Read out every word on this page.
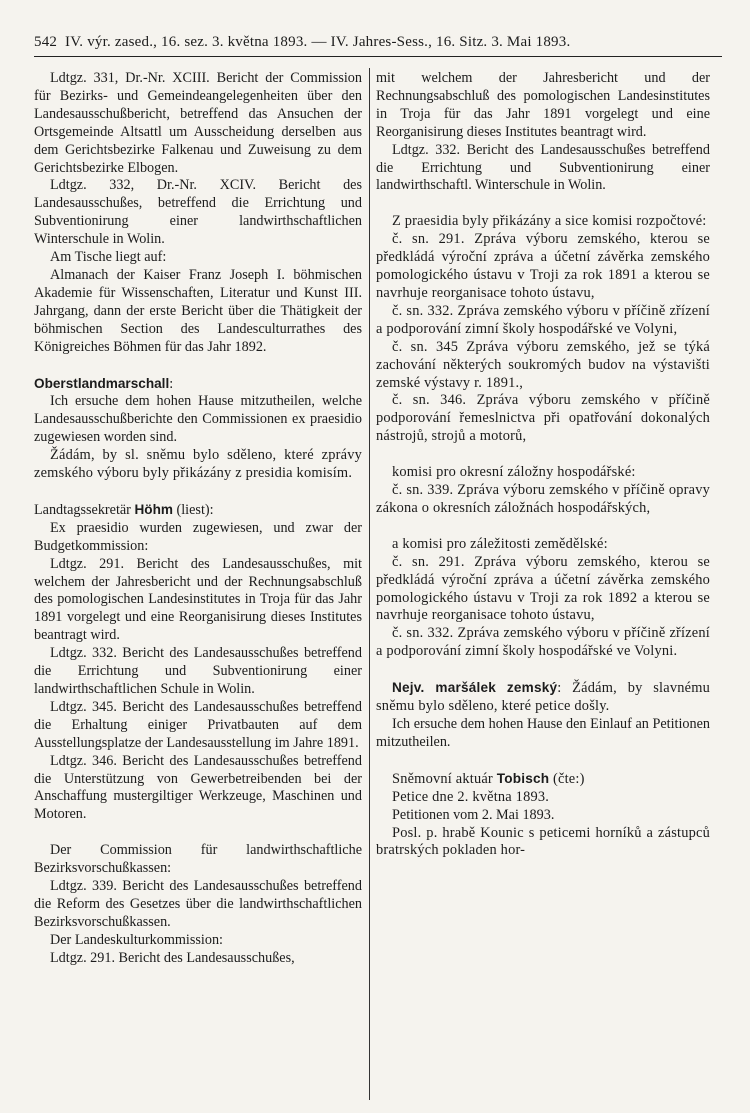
542 IV. výr. zased., 16. sez. 3. května 1893. — IV. Jahres-Sess., 16. Sitz. 3. Mai 1893.

Ldtgz. 331, Dr.-Nr. XCIII. Bericht der Commission für Bezirks- und Gemeindeangelegenheiten über den Landesausschußbericht, betreffend das Ansuchen der Ortsgemeinde Altsattl um Ausscheidung derselben aus dem Gerichtsbezirke Falkenau und Zuweisung zu dem Gerichtsbezirke Elbogen.

Ldtgz. 332, Dr.-Nr. XCIV. Bericht des Landesausschußes, betreffend die Errichtung und Subventionirung einer landwirthschaftlichen Winterschule in Wolin.

Am Tische liegt auf:

Almanach der Kaiser Franz Joseph I. böhmischen Akademie für Wissenschaften, Literatur und Kunst III. Jahrgang, dann der erste Bericht über die Thätigkeit der böhmischen Section des Landesculturrathes des Königreiches Böhmen für das Jahr 1892.

Oberstlandmarschall:

Ich ersuche dem hohen Hause mitzutheilen, welche Landesausschußberichte den Commissionen ex praesidio zugewiesen worden sind.

Žádám, by sl. sněmu bylo sděleno, které zprávy zemského výboru byly přikázány z presidia komisím.

Landtagssekretär Höhm (liest):

Ex praesidio wurden zugewiesen, und zwar der Budgetkommission:

Ldtgz. 291. Bericht des Landesausschußes, mit welchem der Jahresbericht und der Rechnungsabschluß des pomologischen Landesinstitutes in Troja für das Jahr 1891 vorgelegt und eine Reorganisirung dieses Institutes beantragt wird.

Ldtgz. 332. Bericht des Landesausschußes betreffend die Errichtung und Subventionirung einer landwirthschaftlichen Schule in Wolin.

Ldtgz. 345. Bericht des Landesausschußes betreffend die Erhaltung einiger Privatbauten auf dem Ausstellungsplatze der Landesausstellung im Jahre 1891.

Ldtgz. 346. Bericht des Landesausschußes betreffend die Unterstützung von Gewerbetreibenden bei der Anschaffung mustergiltiger Werkzeuge, Maschinen und Motoren.

Der Commission für landwirthschaftliche Bezirksvorschußkassen:

Ldtgz. 339. Bericht des Landesausschußes betreffend die Reform des Gesetzes über die landwirthschaftlichen Bezirksvorschußkassen.

Der Landeskulturkommission:

Ldtgz. 291. Bericht des Landesausschußes,

mit welchem der Jahresbericht und der Rechnungsabschluß des pomologischen Landesinstitutes in Troja für das Jahr 1891 vorgelegt und eine Reorganisirung dieses Institutes beantragt wird.

Ldtgz. 332. Bericht des Landesausschußes betreffend die Errichtung und Subventionirung einer landwirthschaftl. Winterschule in Wolin.

Z praesidia byly přikázány a sice komisi rozpočtové:

č. sn. 291. Zpráva výboru zemského, kterou se předkládá výroční zpráva a účetní závěrka zemského pomologického ústavu v Troji za rok 1891 a kterou se navrhuje reorganisace tohoto ústavu,

č. sn. 332. Zpráva zemského výboru v příčině zřízení a podporování zimní školy hospodářské ve Volyni,

č. sn. 345 Zpráva výboru zemského, jež se týká zachování některých soukromých budov na výstavišti zemské výstavy r. 1891.,

č. sn. 346. Zpráva výboru zemského v příčině podporování řemeslnictva při opatřování dokonalých nástrojů, strojů a motorů,

komisi pro okresní záložny hospodářské:

č. sn. 339. Zpráva výboru zemského v příčině opravy zákona o okresních záložnách hospodářských,

a komisi pro záležitosti zemědělské:

č. sn. 291. Zpráva výboru zemského, kterou se předkládá výroční zpráva a účetní závěrka zemského pomologického ústavu v Troji za rok 1892 a kterou se navrhuje reorganisace tohoto ústavu,

č. sn. 332. Zpráva zemského výboru v příčině zřízení a podporování zimní školy hospodářské ve Volyni.

Nejv. maršálek zemský: Žádám, by slavnému sněmu bylo sděleno, které petice došly.

Ich ersuche dem hohen Hause den Einlauf an Petitionen mitzutheilen.

Sněmovní aktuár Tobisch (čte:)

Petice dne 2. května 1893.

Petitionen vom 2. Mai 1893.

Posl. p. hrabě Kounic s peticemi horníků a zástupců bratrských pokladen hor-
